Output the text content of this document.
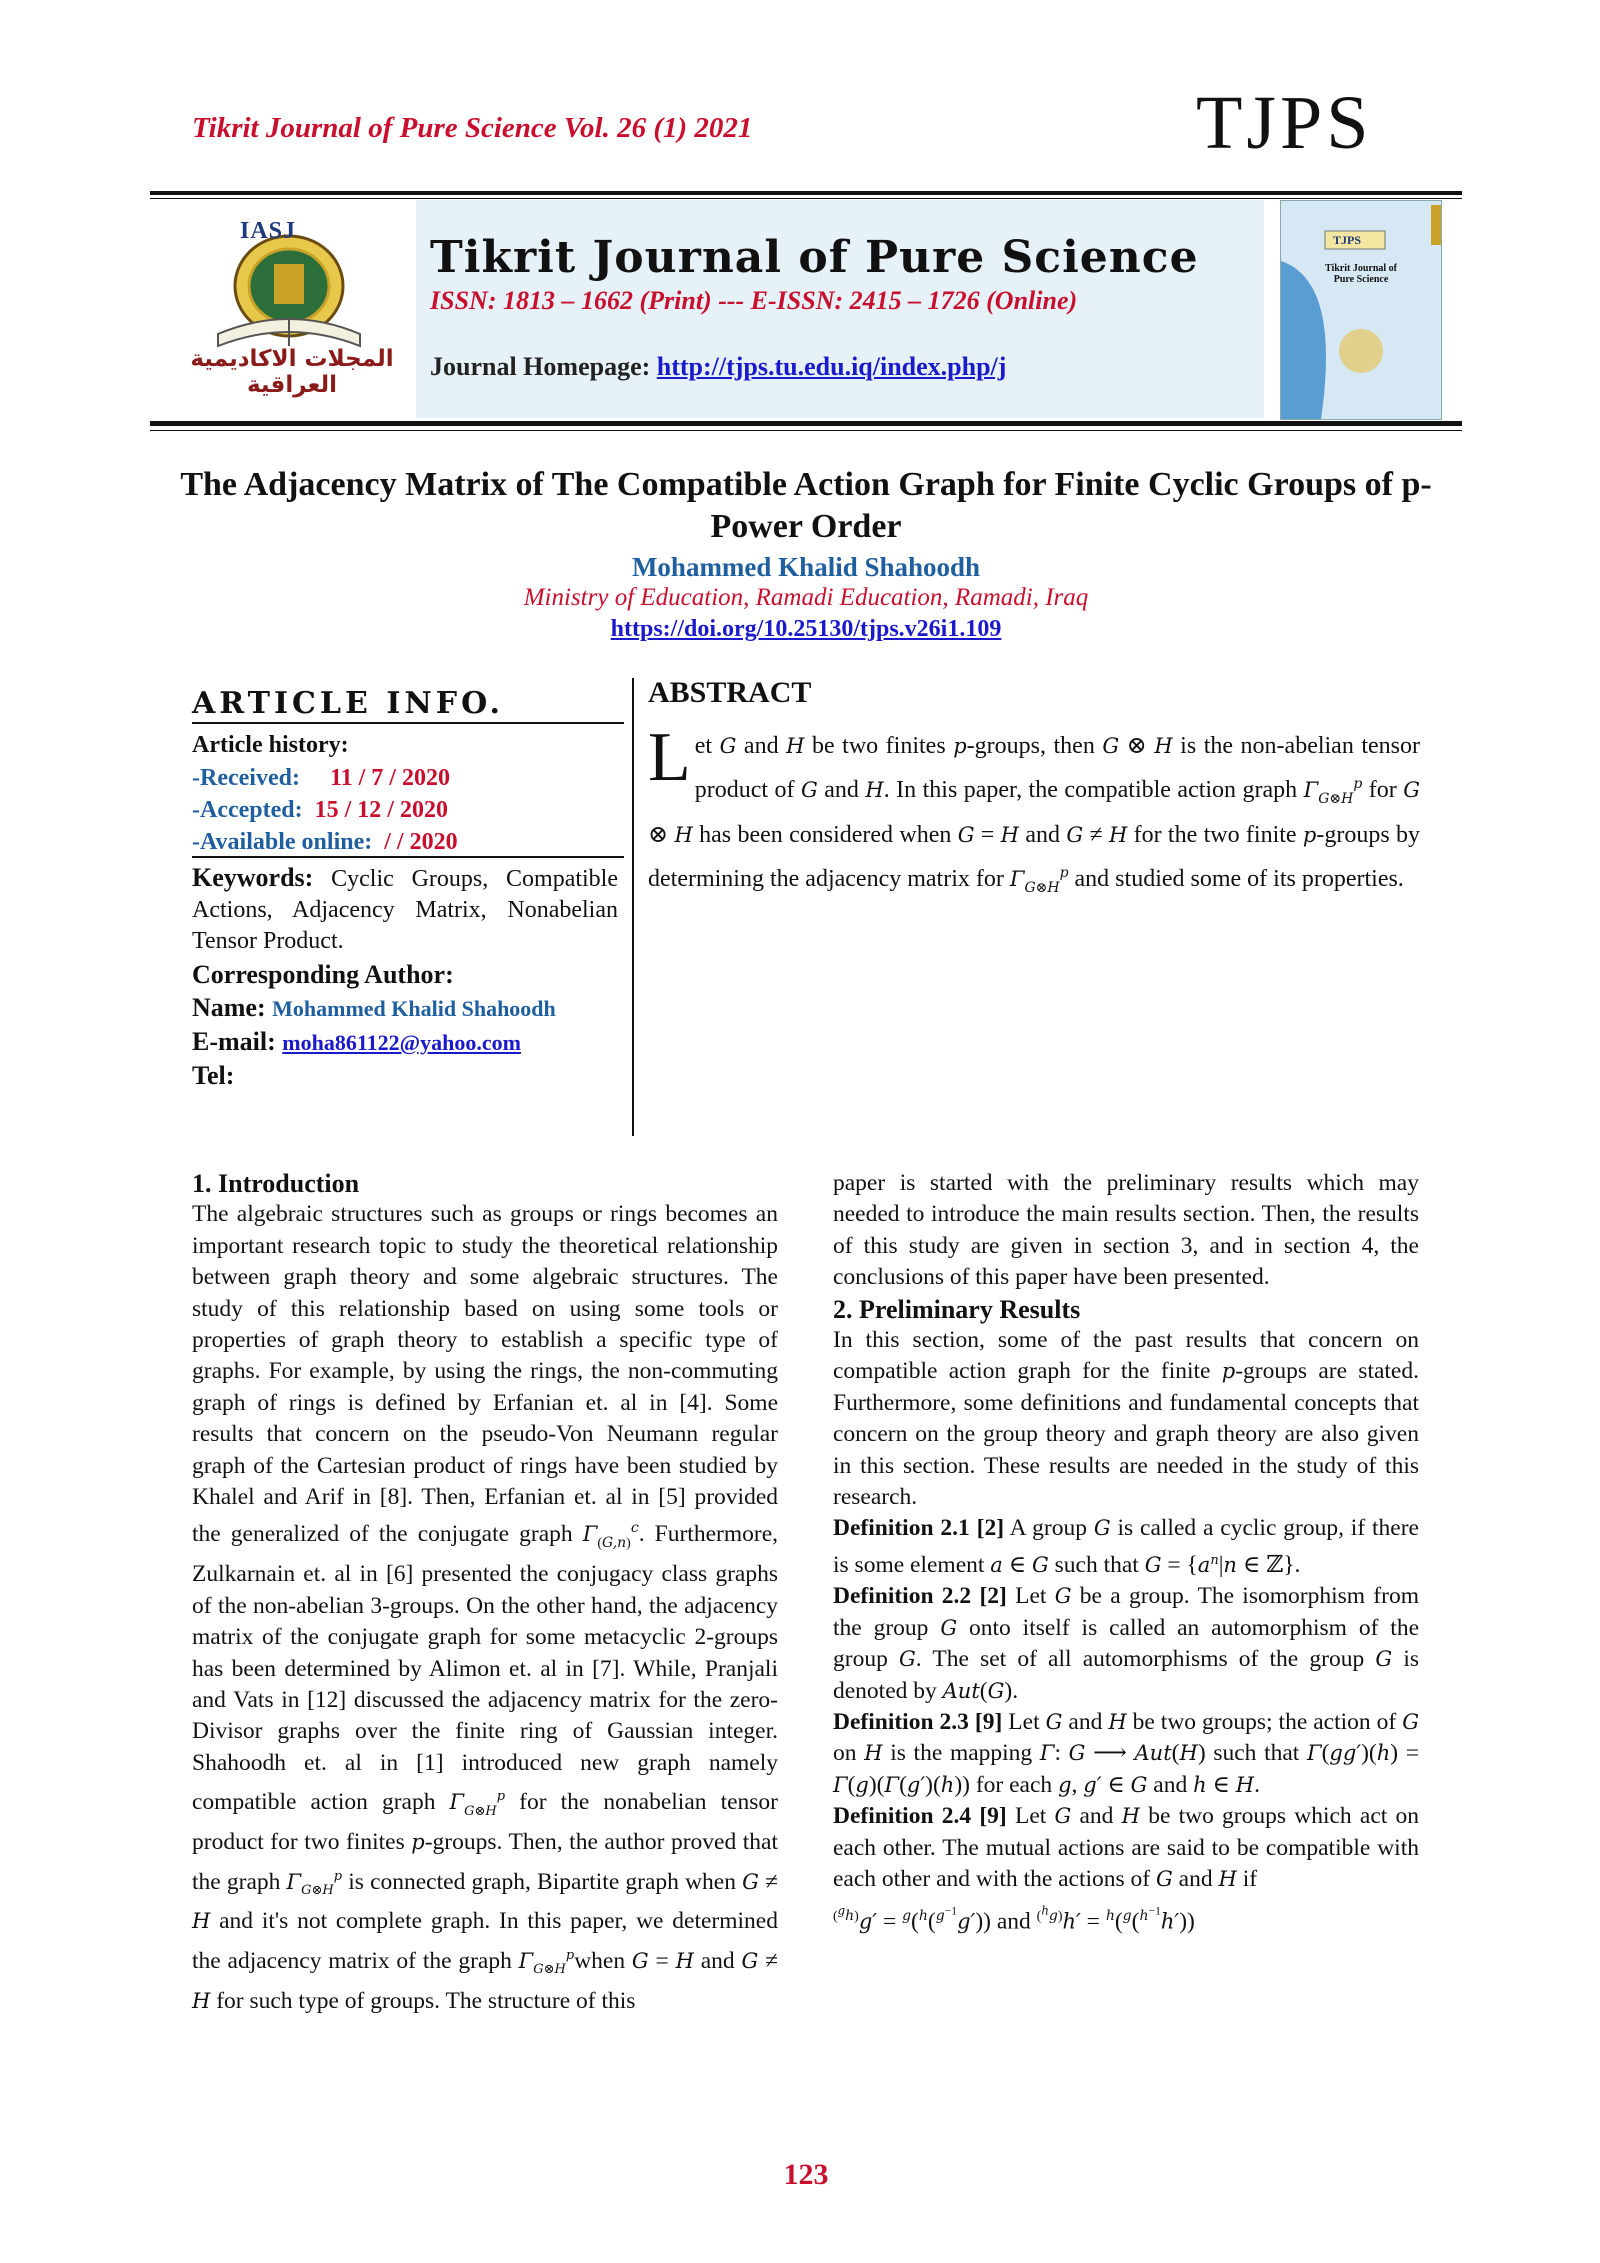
Tikrit Journal of Pure Science Vol. 26 (1) 2021	TJPS
IASJ
المجلات الاكاديمية العراقية
Tikrit Journal of Pure Science
ISSN: 1813 – 1662 (Print) --- E-ISSN: 2415 – 1726 (Online)
Journal Homepage: http://tjps.tu.edu.iq/index.php/j
TJPS
Tikrit Journal of Pure Science
The Adjacency Matrix of The Compatible Action Graph for Finite Cyclic Groups of p-Power Order
Mohammed Khalid Shahoodh
Ministry of Education, Ramadi Education, Ramadi, Iraq
https://doi.org/10.25130/tjps.v26i1.109
ARTICLE INFO.
Article history:
-Received: 11 / 7 / 2020
-Accepted: 15 / 12 / 2020
-Available online: / / 2020
Keywords: Cyclic Groups, Compatible Actions, Adjacency Matrix, Nonabelian Tensor Product.
Corresponding Author:
Name: Mohammed Khalid Shahoodh
E-mail: moha861122@yahoo.com
Tel:
ABSTRACT
Let G and H be two finites p-groups, then G ⊗ H is the non-abelian tensor product of G and H. In this paper, the compatible action graph $\Gamma_{G\otimes H}^p$ for G ⊗ H has been considered when G = H and G ≠ H for the two finite p-groups by determining the adjacency matrix for $\Gamma_{G\otimes H}^p$ and studied some of its properties.

1. Introduction

The algebraic structures such as groups or rings becomes an important research topic to study the theoretical relationship between graph theory and some algebraic structures. The study of this relationship based on using some tools or properties of graph theory to establish a specific type of graphs. For example, by using the rings, the non-commuting graph of rings is defined by Erfanian et. al in [4]. Some results that concern on the pseudo-Von Neumann regular graph of the Cartesian product of rings have been studied by Khalel and Arif in [8]. Then, Erfanian et. al in [5] provided the generalized of the conjugate graph $\Gamma_{(G,n)}^c$. Furthermore, Zulkarnain et. al in [6] presented the conjugacy class graphs of the non-abelian 3-groups. On the other hand, the adjacency matrix of the conjugate graph for some metacyclic 2-groups has been determined by Alimon et. al in [7]. While, Pranjali and Vats in [12] discussed the adjacency matrix for the zero-Divisor graphs over the finite ring of Gaussian integer. Shahoodh et. al in [1] introduced new graph namely compatible action graph $\Gamma_{G\otimes H}^p$ for the nonabelian tensor product for two finites p-groups. Then, the author proved that the graph $\Gamma_{G\otimes H}^p$ is connected graph, Bipartite graph when G ≠ H and it's not complete graph. In this paper, we determined the adjacency matrix of the graph $\Gamma_{G\otimes H}^pwhen$ G = H and G ≠ H for such type of groups. The structure of this

paper is started with the preliminary results which may needed to introduce the main results section. Then, the results of this study are given in section 3, and in section 4, the conclusions of this paper have been presented.

2. Preliminary Results

In this section, some of the past results that concern on compatible action graph for the finite p-groups are stated. Furthermore, some definitions and fundamental concepts that concern on the group theory and graph theory are also given in this section. These results are needed in the study of this research.

Definition 2.1 [2] A group G is called a cyclic group, if there is some element a ∈ G such that $G = \{a^n|n$ ∈ ℤ}.

Definition 2.2 [2] Let G be a group. The isomorphism from the group G onto itself is called an automorphism of the group G. The set of all automorphisms of the group G is denoted by Aut(G).

Definition 2.3 [9] Let G and H be two groups; the action of G on H is the mapping Γ: G ⟶ Aut(H) such that Γ(gg′)(h) = Γ(g)(Γ(g′)(h)) for each g, g′ ∈ G and h ∈ H.

Definition 2.4 [9] Let G and H be two groups which act on each other. The mutual actions are said to be compatible with each other and with the actions of G and H if
$^{(^gh)}$g′ = $^g$($^h$($^{g^{-1}}$g′)) and $^{(^hg)}$h′ = $^h$($^g$($^{h^{-1}}$h′))

123
